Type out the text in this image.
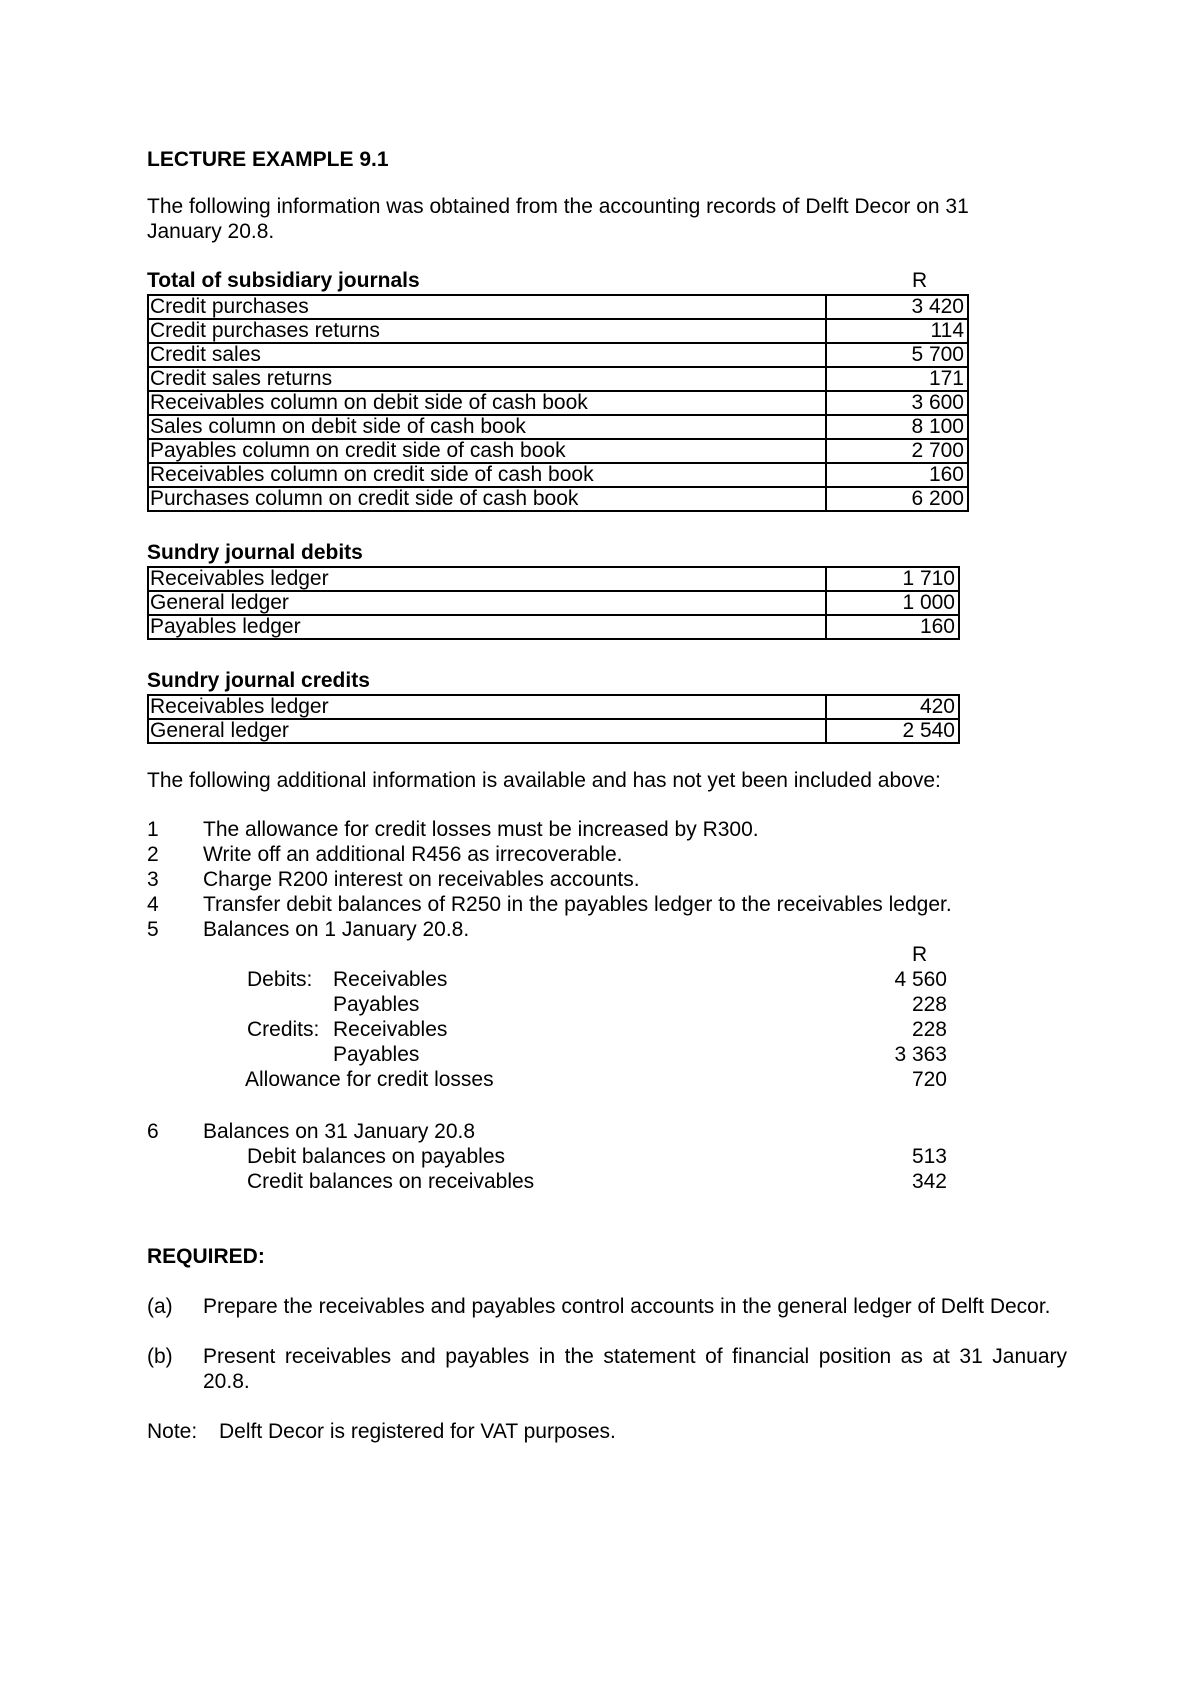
LECTURE EXAMPLE 9.1

The following information was obtained from the accounting records of Delft Decor on 31 January 20.8.

Total of subsidiary journals	R
Credit purchases	3 420
Credit purchases returns	114
Credit sales	5 700
Credit sales returns	171
Receivables column on debit side of cash book	3 600
Sales column on debit side of cash book	8 100
Payables column on credit side of cash book	2 700
Receivables column on credit side of cash book	160
Purchases column on credit side of cash book	6 200
Sundry journal debits
Receivables ledger	1 710
General ledger	1 000
Payables ledger	160
Sundry journal credits
Receivables ledger	420
General ledger	2 540
The following additional information is available and has not yet been included above:
1 The allowance for credit losses must be increased by R300.
2 Write off an additional R456 as irrecoverable.
3 Charge R200 interest on receivables accounts.
4 Transfer debit balances of R250 in the payables ledger to the receivables ledger.
5 Balances on 1 January 20.8.
R
Debits: Receivables	4 560
Payables	228
Credits: Receivables	228
Payables	3 363
Allowance for credit losses	720
6 Balances on 31 January 20.8
Debit balances on payables	513
Credit balances on receivables	342
REQUIRED:
(a) Prepare the receivables and payables control accounts in the general ledger of Delft Decor.
(b) Present receivables and payables in the statement of financial position as at 31 January 20.8.
Note: Delft Decor is registered for VAT purposes.
